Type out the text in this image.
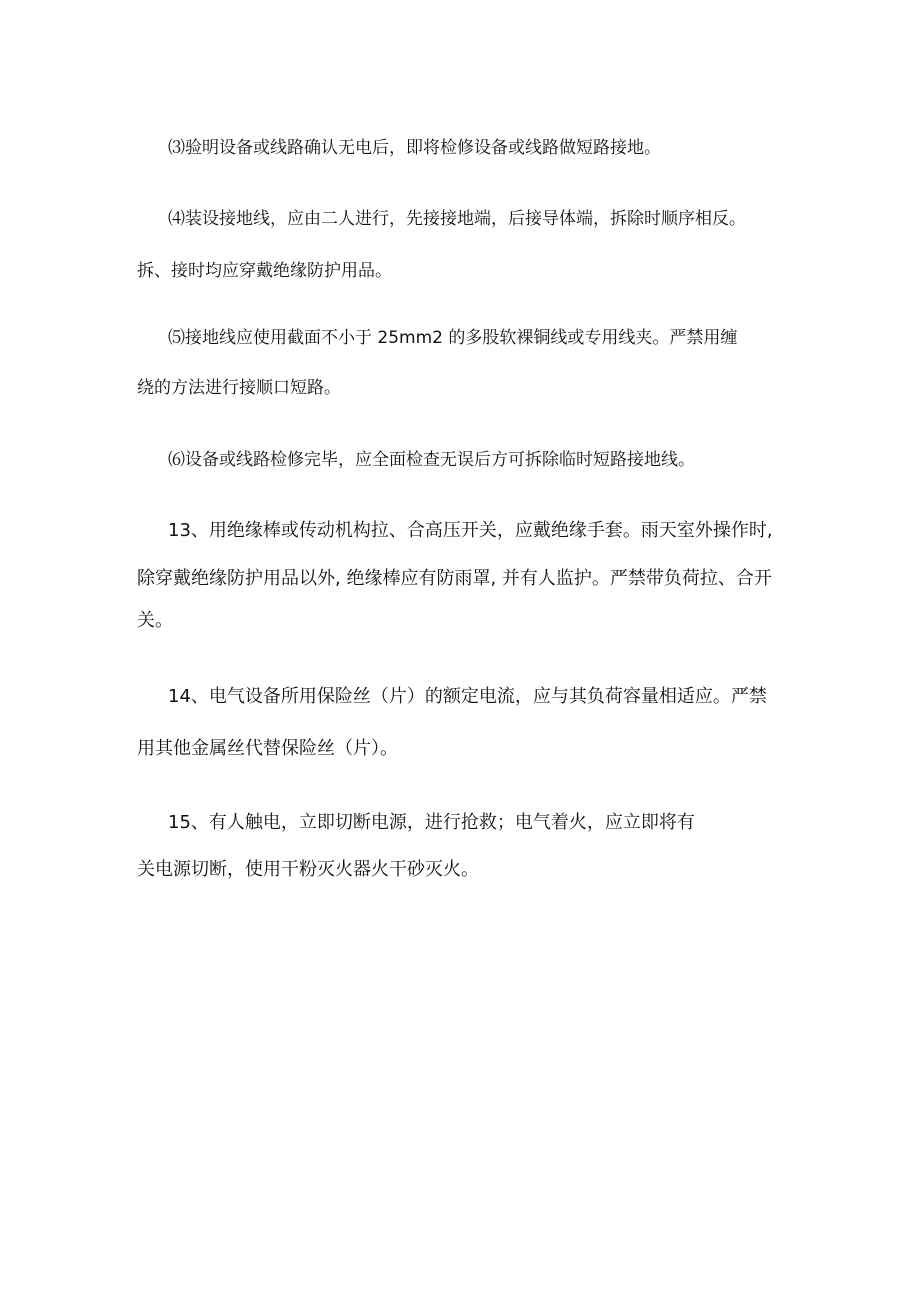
⑶验明设备或线路确认无电后，即将检修设备或线路做短路接地。
⑷装设接地线，应由二人进行，先接接地端，后接导体端，拆除时顺序相反。
拆、接时均应穿戴绝缘防护用品。
⑸接地线应使用截面不小于 25mm2 的多股软裸铜线或专用线夹。严禁用缠
绕的方法进行接顺口短路。
⑹设备或线路检修完毕，应全面检查无误后方可拆除临时短路接地线。
13、用绝缘棒或传动机构拉、合高压开关，应戴绝缘手套。雨天室外操作时,
除穿戴绝缘防护用品以外, 绝缘棒应有防雨罩, 并有人监护。严禁带负荷拉、合开
关。
14、电气设备所用保险丝（片）的额定电流，应与其负荷容量相适应。严禁
用其他金属丝代替保险丝（片）。
15、有人触电，立即切断电源，进行抢救；电气着火，应立即将有
关电源切断，使用干粉灭火器火干砂灭火。
